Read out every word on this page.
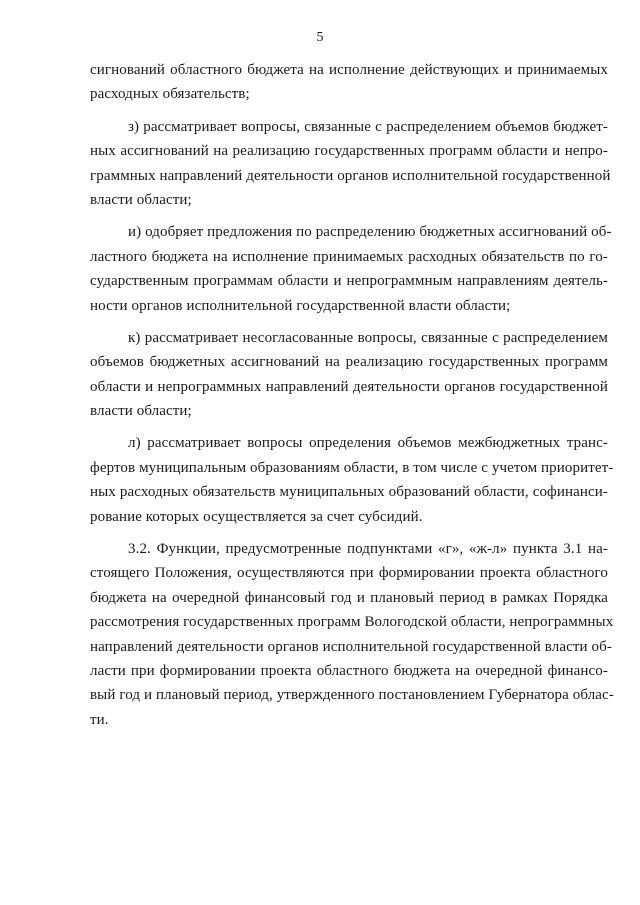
5
сигнований областного бюджета на исполнение действующих и принимаемых
расходных обязательств;
з) рассматривает вопросы, связанные с распределением объемов бюджет-
ных ассигнований на реализацию государственных программ области и непро-
граммных направлений деятельности органов исполнительной государственной
власти области;
и) одобряет предложения по распределению бюджетных ассигнований об-
ластного бюджета на исполнение принимаемых расходных обязательств по го-
сударственным программам области и непрограммным направлениям деятель-
ности органов исполнительной государственной власти области;
к) рассматривает несогласованные вопросы, связанные с распределением
объемов бюджетных ассигнований на реализацию государственных программ
области и непрограммных направлений деятельности органов государственной
власти области;
л) рассматривает вопросы определения объемов межбюджетных транс-
фертов муниципальным образованиям области, в том числе с учетом приоритет-
ных расходных обязательств муниципальных образований области, софинанси-
рование которых осуществляется за счет субсидий.
3.2. Функции, предусмотренные подпунктами «г», «ж-л» пункта 3.1 на-
стоящего Положения, осуществляются при формировании проекта областного
бюджета на очередной финансовый год и плановый период в рамках Порядка
рассмотрения государственных программ Вологодской области, непрограммных
направлений деятельности органов исполнительной государственной власти об-
ласти при формировании проекта областного бюджета на очередной финансо-
вый год и плановый период, утвержденного постановлением Губернатора облас-
ти.
